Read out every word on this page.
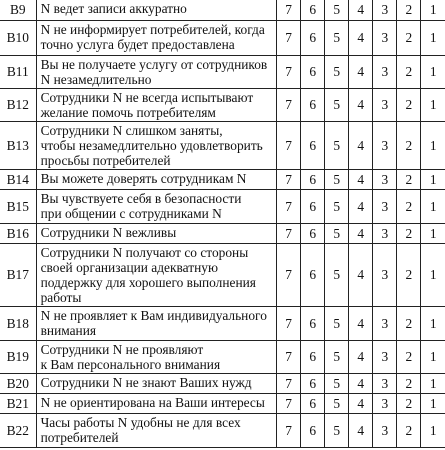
B9	N ведет записи аккуратно	7	6	5	4	3	2	1
B10	N не информирует потребителей, когда
точно услуга будет предоставлена	7	6	5	4	3	2	1
B11	Вы не получаете услугу от сотрудников
N незамедлительно	7	6	5	4	3	2	1
B12	Сотрудники N не всегда испытывают
желание помочь потребителям	7	6	5	4	3	2	1
B13	Сотрудники N слишком заняты,
чтобы незамедлительно удовлетворить
просьбы потребителей	7	6	5	4	3	2	1
B14	Вы можете доверять сотрудникам N	7	6	5	4	3	2	1
B15	Вы чувствуете себя в безопасности
при общении с сотрудниками N	7	6	5	4	3	2	1
B16	Сотрудники N вежливы	7	6	5	4	3	2	1
B17	Сотрудники N получают со стороны
своей организации адекватную
поддержку для хорошего выполнения
работы	7	6	5	4	3	2	1
B18	N не проявляет к Вам индивидуального
внимания	7	6	5	4	3	2	1
B19	Сотрудники N не проявляют
к Вам персонального внимания	7	6	5	4	3	2	1
B20	Сотрудники N не знают Ваших нужд	7	6	5	4	3	2	1
B21	N не ориентирована на Ваши интересы	7	6	5	4	3	2	1
B22	Часы работы N удобны не для всех
потребителей	7	6	5	4	3	2	1
